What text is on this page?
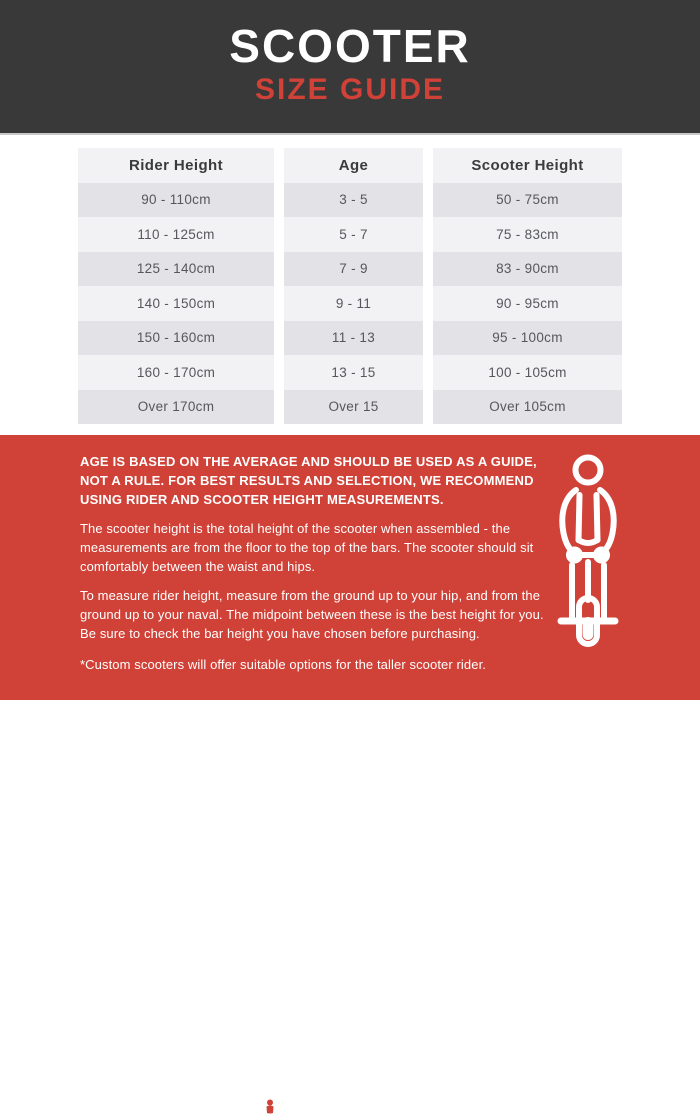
SCOOTER
SIZE GUIDE
Rider Height
90 - 110cm
110 - 125cm
125 - 140cm
140 - 150cm
150 - 160cm
160 - 170cm
Over 170cm
Age
3 - 5
5 - 7
7 - 9
9 - 11
11 - 13
13 - 15
Over 15
Scooter Height
50 - 75cm
75 - 83cm
83 - 90cm
90 - 95cm
95 - 100cm
100 - 105cm
Over 105cm

AGE IS BASED ON THE AVERAGE AND SHOULD BE USED AS A GUIDE, NOT A RULE. FOR BEST RESULTS AND SELECTION, WE RECOMMEND USING RIDER AND SCOOTER HEIGHT MEASUREMENTS.

The scooter height is the total height of the scooter when assembled - the measurements are from the floor to the top of the bars. The scooter should sit comfortably between the waist and hips.

To measure rider height, measure from the ground up to your hip, and from the ground up to your naval. The midpoint between these is the best height for you. Be sure to check the bar height you have chosen before purchasing.

*Custom scooters will offer suitable options for the taller scooter rider.

SKATEHUT ®
